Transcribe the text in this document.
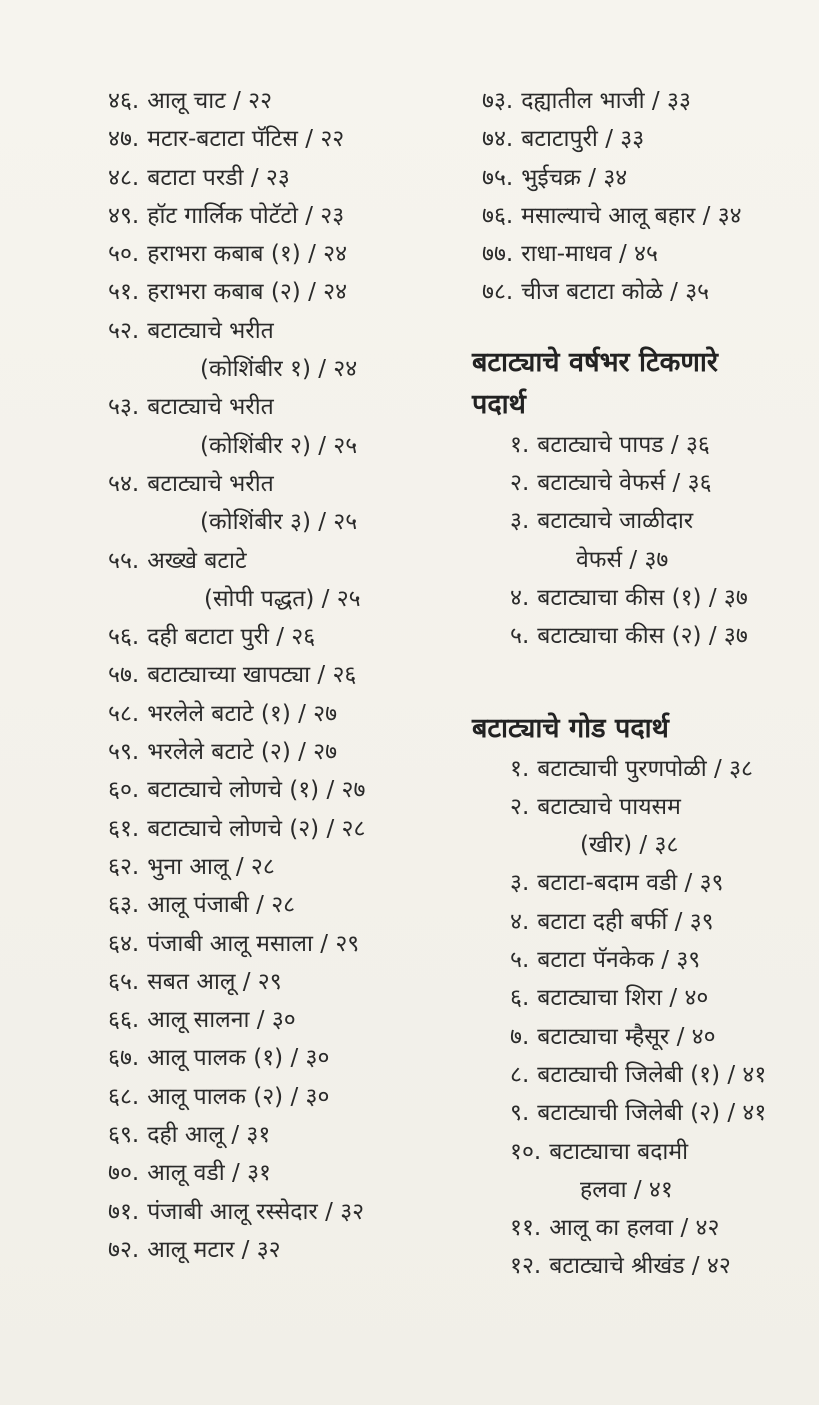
४६. आलू चाट / २२
४७. मटार-बटाटा पॅटिस / २२
४८. बटाटा परडी / २३
४९. हॉट गार्लिक पोटॅटो / २३
५०. हराभरा कबाब (१) / २४
५१. हराभरा कबाब (२) / २४
५२. बटाट्याचे भरीत
(कोशिंबीर १) / २४
५३. बटाट्याचे भरीत
(कोशिंबीर २) / २५
५४. बटाट्याचे भरीत
(कोशिंबीर ३) / २५
५५. अख्खे बटाटे
(सोपी पद्धत) / २५
५६. दही बटाटा पुरी / २६
५७. बटाट्याच्या खापट्या / २६
५८. भरलेले बटाटे (१) / २७
५९. भरलेले बटाटे (२) / २७
६०. बटाट्याचे लोणचे (१) / २७
६१. बटाट्याचे लोणचे (२) / २८
६२. भुना आलू / २८
६३. आलू पंजाबी / २८
६४. पंजाबी आलू मसाला / २९
६५. सबत आलू / २९
६६. आलू सालना / ३०
६७. आलू पालक (१) / ३०
६८. आलू पालक (२) / ३०
६९. दही आलू / ३१
७०. आलू वडी / ३१
७१. पंजाबी आलू रस्सेदार / ३२
७२. आलू मटार / ३२
७३. दह्यातील भाजी / ३३
७४. बटाटापुरी / ३३
७५. भुईचक्र / ३४
७६. मसाल्याचे आलू बहार / ३४
७७. राधा-माधव / ४५
७८. चीज बटाटा कोळे / ३५
बटाट्याचे वर्षभर टिकणारे
पदार्थ
१. बटाट्याचे पापड / ३६
२. बटाट्याचे वेफर्स / ३६
३. बटाट्याचे जाळीदार
वेफर्स / ३७
४. बटाट्याचा कीस (१) / ३७
५. बटाट्याचा कीस (२) / ३७
बटाट्याचे गोड पदार्थ
१. बटाट्याची पुरणपोळी / ३८
२. बटाट्याचे पायसम
(खीर) / ३८
३. बटाटा-बदाम वडी / ३९
४. बटाटा दही बर्फी / ३९
५. बटाटा पॅनकेक / ३९
६. बटाट्याचा शिरा / ४०
७. बटाट्याचा म्हैसूर / ४०
८. बटाट्याची जिलेबी (१) / ४१
९. बटाट्याची जिलेबी (२) / ४१
१०. बटाट्याचा बदामी
हलवा / ४१
११. आलू का हलवा / ४२
१२. बटाट्याचे श्रीखंड / ४२
